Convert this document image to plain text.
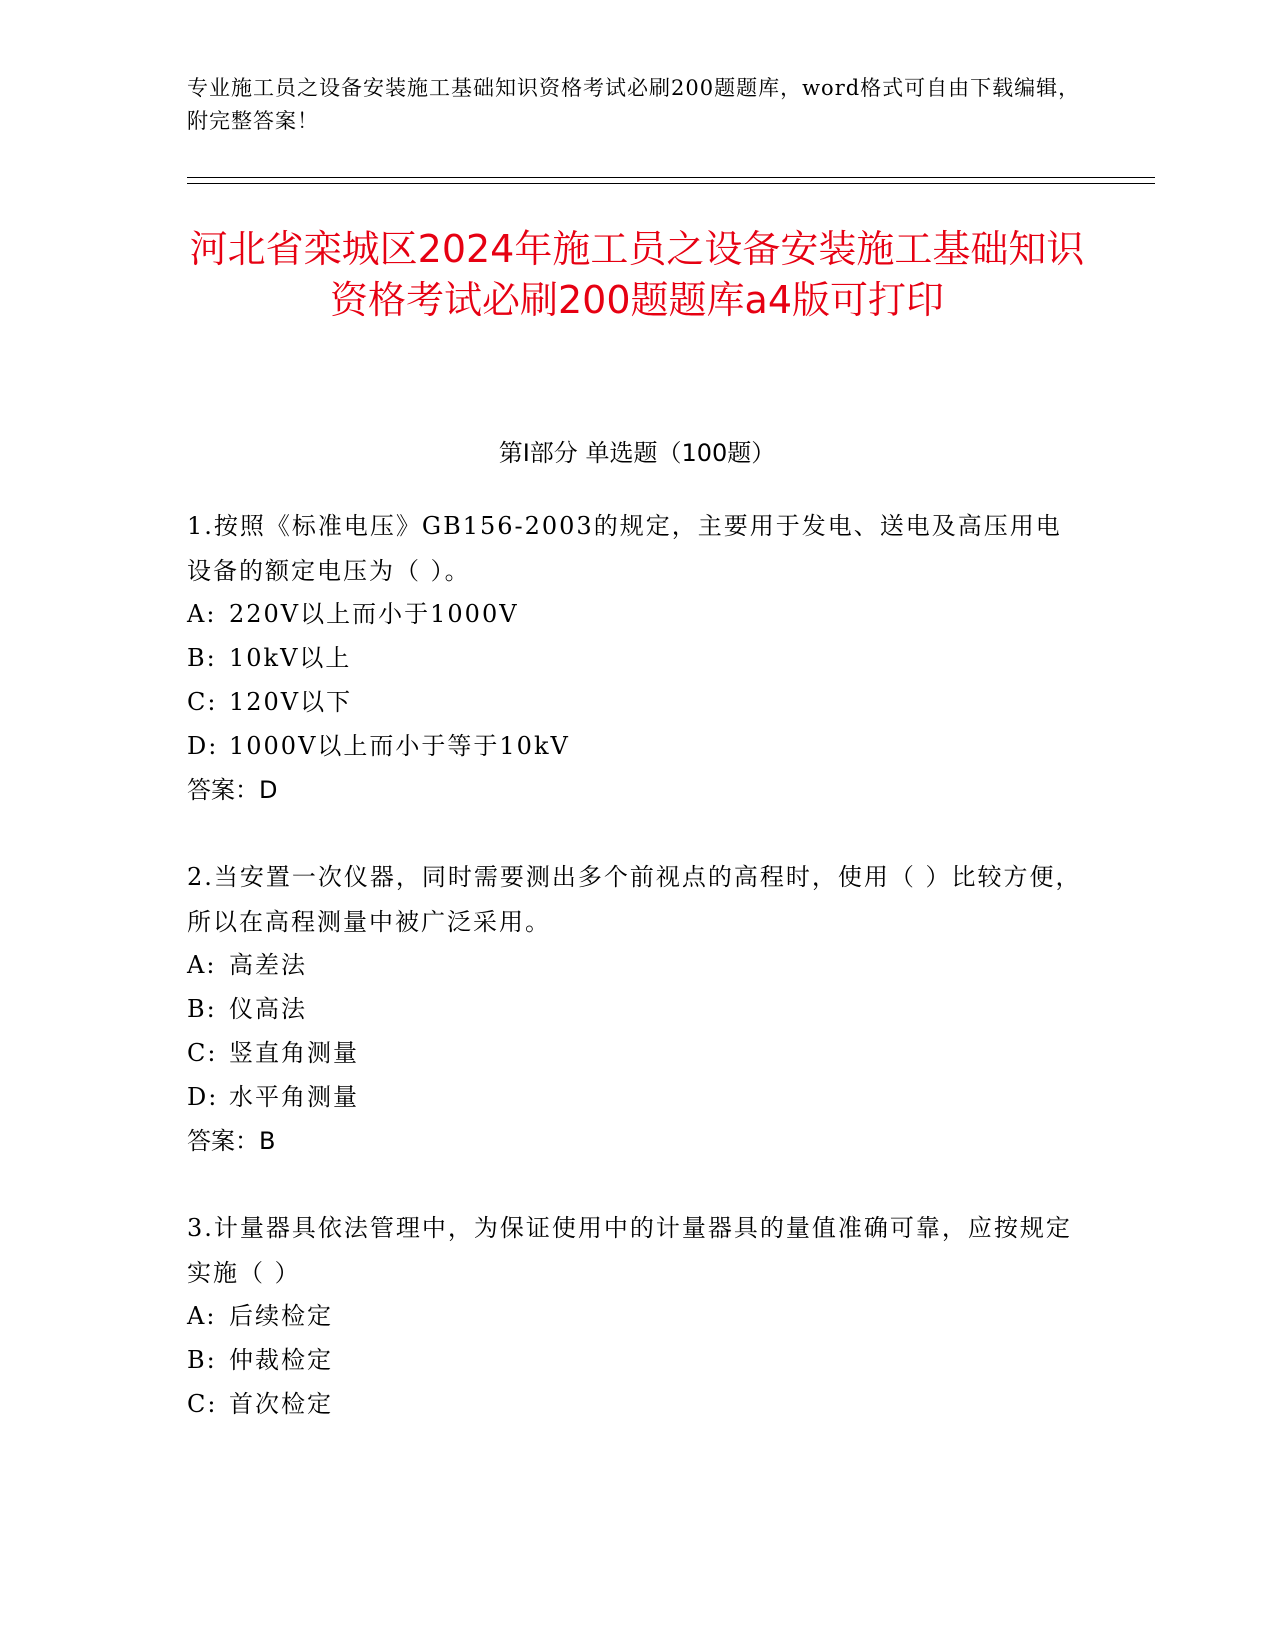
专业施工员之设备安装施工基础知识资格考试必刷200题题库，word格式可自由下载编辑，附完整答案！

河北省栾城区2024年施工员之设备安装施工基础知识资格考试必刷200题题库a4版可打印
第I部分 单选题（100题）

1.按照《标准电压》GB156-2003的规定，主要用于发电、送电及高压用电设备的额定电压为（ ）。

A: 220V以上而小于1000V

B: 10kV以上

C: 120V以下

D: 1000V以上而小于等于10kV

答案：D

2.当安置一次仪器，同时需要测出多个前视点的高程时，使用（ ）比较方便，所以在高程测量中被广泛采用。

A: 高差法

B: 仪高法

C: 竖直角测量

D: 水平角测量

答案：B

3.计量器具依法管理中，为保证使用中的计量器具的量值准确可靠，应按规定实施（ ）

A: 后续检定

B: 仲裁检定

C: 首次检定
